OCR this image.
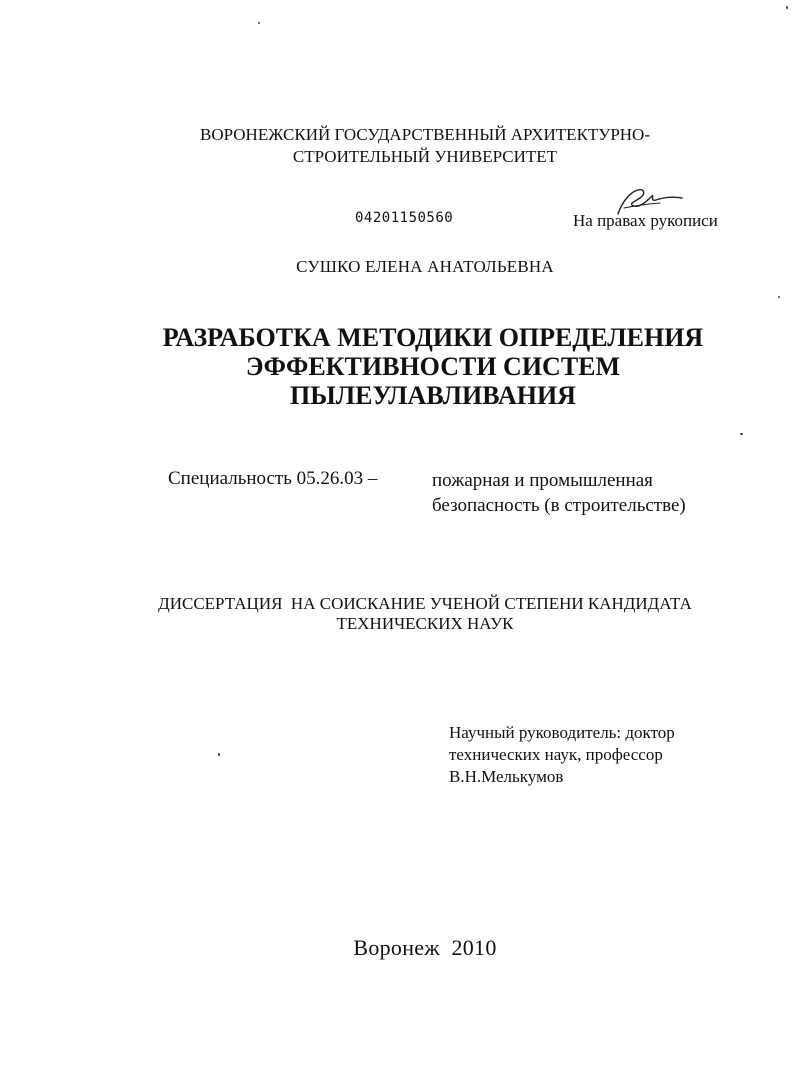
ВОРОНЕЖСКИЙ ГОСУДАРСТВЕННЫЙ АРХИТЕКТУРНО-
СТРОИТЕЛЬНЫЙ УНИВЕРСИТЕТ
04201150560	На правах рукописи
СУШКО ЕЛЕНА АНАТОЛЬЕВНА
РАЗРАБОТКА МЕТОДИКИ ОПРЕДЕЛЕНИЯ
ЭФФЕКТИВНОСТИ СИСТЕМ
ПЫЛЕУЛАВЛИВАНИЯ
Специальность 05.26.03 –	пожарная и промышленная
безопасность (в строительстве)
ДИССЕРТАЦИЯ  НА СОИСКАНИЕ УЧЕНОЙ СТЕПЕНИ КАНДИДАТА
ТЕХНИЧЕСКИХ НАУК
Научный руководитель: доктор
технических наук, профессор
В.Н.Мелькумов
Воронеж  2010
